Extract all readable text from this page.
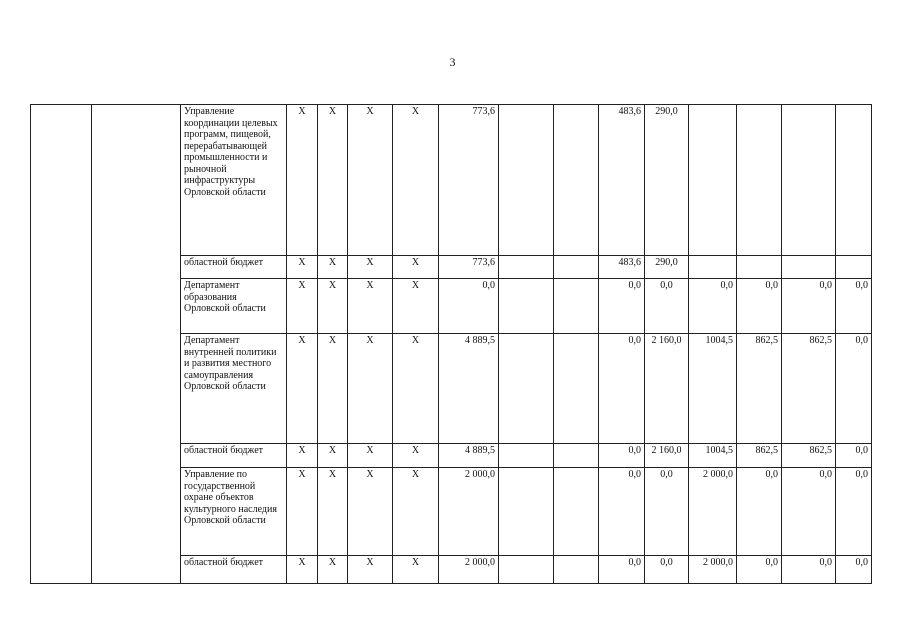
3
		Управление координации целевых программ, пищевой, перерабатывающей промышленности и рыночной инфраструктуры Орловской области	Х	Х	Х	Х	773,6			483,6	290,0				
		областной бюджет	Х	Х	Х	Х	773,6			483,6	290,0				
		Департамент образования Орловской области	Х	Х	Х	Х	0,0			0,0	0,0	0,0	0,0	0,0	0,0
		Департамент внутренней политики и развития местного самоуправления Орловской области	Х	Х	Х	Х	4 889,5			0,0	2 160,0	1004,5	862,5	862,5	0,0
		областной бюджет	Х	Х	Х	Х	4 889,5			0,0	2 160,0	1004,5	862,5	862,5	0,0
		Управление по государственной охране объектов культурного наследия Орловской области	Х	Х	Х	Х	2 000,0			0,0	0,0	2 000,0	0,0	0,0	0,0
		областной бюджет	Х	Х	Х	Х	2 000,0			0,0	0,0	2 000,0	0,0	0,0	0,0
